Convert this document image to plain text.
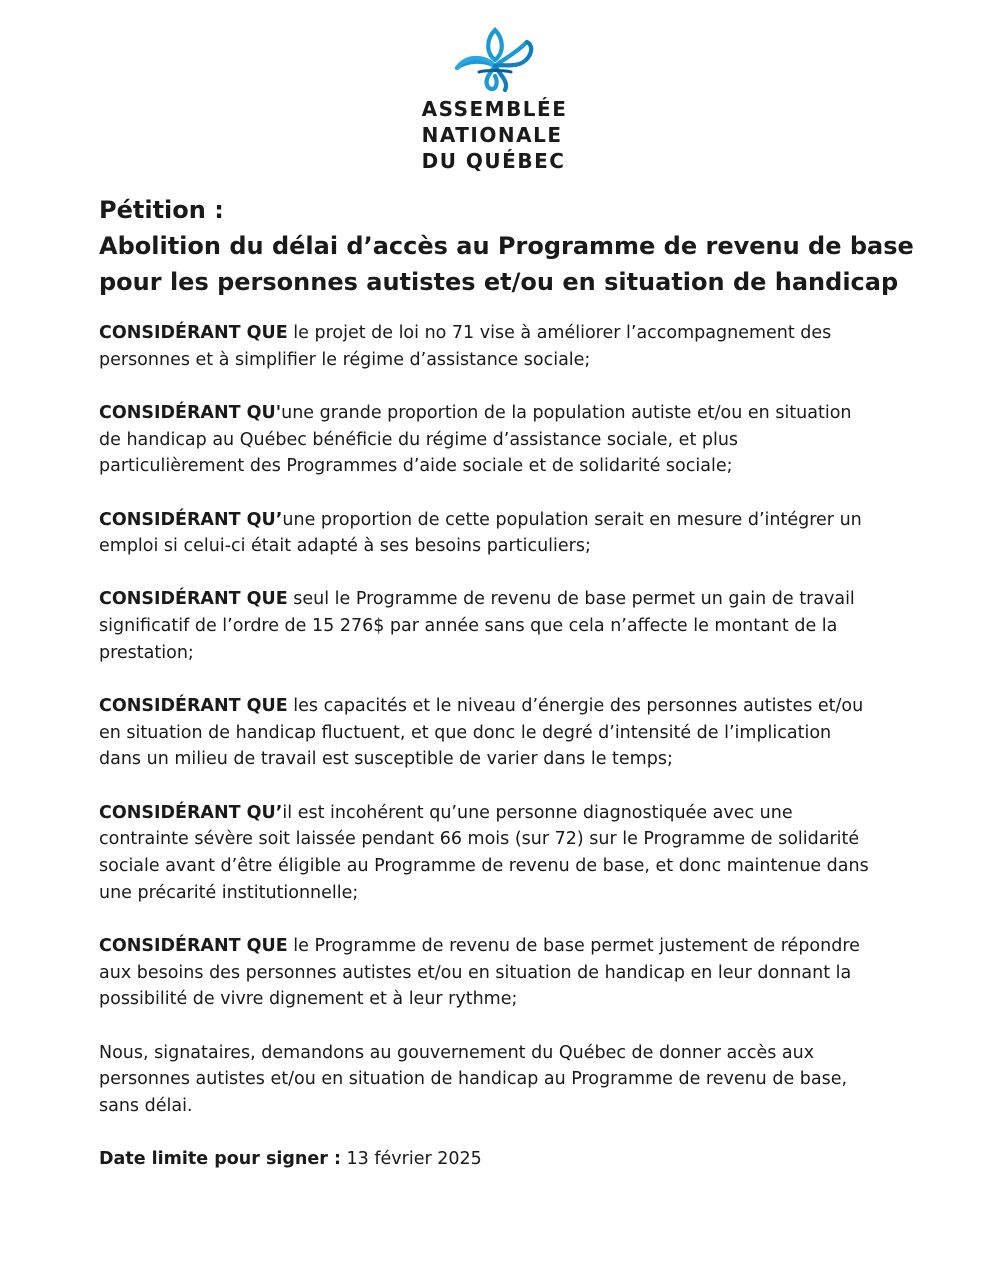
ASSEMBLÉE
NATIONALE
DU QUÉBEC
Pétition :
Abolition du délai d’accès au Programme de revenu de base
pour les personnes autistes et/ou en situation de handicap
CONSIDÉRANT QUE le projet de loi no 71 vise à améliorer l’accompagnement des
personnes et à simplifier le régime d’assistance sociale;
CONSIDÉRANT QU'une grande proportion de la population autiste et/ou en situation
de handicap au Québec bénéficie du régime d’assistance sociale, et plus
particulièrement des Programmes d’aide sociale et de solidarité sociale;
CONSIDÉRANT QU’une proportion de cette population serait en mesure d’intégrer un
emploi si celui-ci était adapté à ses besoins particuliers;
CONSIDÉRANT QUE seul le Programme de revenu de base permet un gain de travail
significatif de l’ordre de 15 276$ par année sans que cela n’affecte le montant de la
prestation;
CONSIDÉRANT QUE les capacités et le niveau d’énergie des personnes autistes et/ou
en situation de handicap fluctuent, et que donc le degré d’intensité de l’implication
dans un milieu de travail est susceptible de varier dans le temps;
CONSIDÉRANT QU’il est incohérent qu’une personne diagnostiquée avec une
contrainte sévère soit laissée pendant 66 mois (sur 72) sur le Programme de solidarité
sociale avant d’être éligible au Programme de revenu de base, et donc maintenue dans
une précarité institutionnelle;
CONSIDÉRANT QUE le Programme de revenu de base permet justement de répondre
aux besoins des personnes autistes et/ou en situation de handicap en leur donnant la
possibilité de vivre dignement et à leur rythme;
Nous, signataires, demandons au gouvernement du Québec de donner accès aux
personnes autistes et/ou en situation de handicap au Programme de revenu de base,
sans délai.
Date limite pour signer : 13 février 2025
